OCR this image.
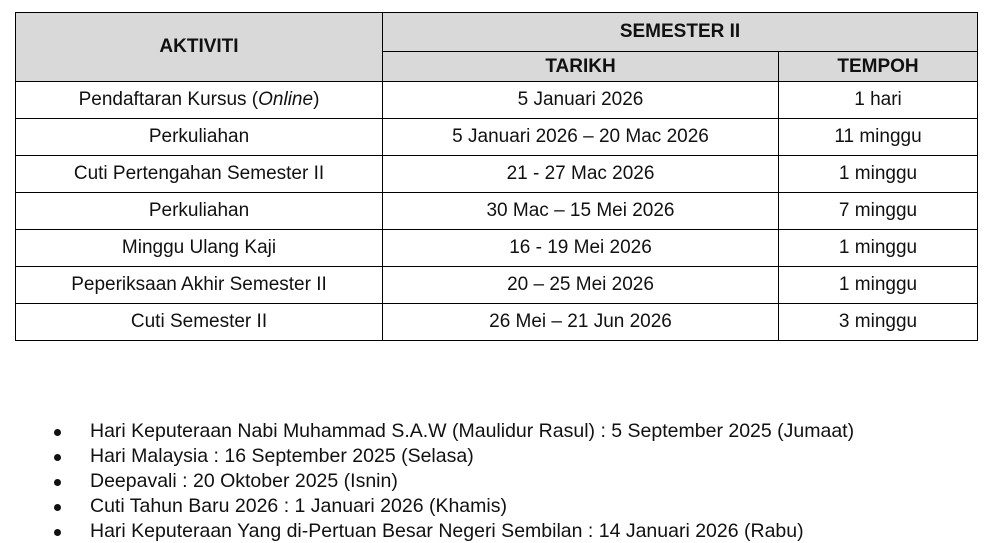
AKTIVITI	SEMESTER II	
	TARIKH	TEMPOH
Pendaftaran Kursus (Online)	5 Januari 2026	1 hari
Perkuliahan	5 Januari 2026 – 20 Mac 2026	11 minggu
Cuti Pertengahan Semester II	21 - 27 Mac 2026	1 minggu
Perkuliahan	30 Mac – 15 Mei 2026	7 minggu
Minggu Ulang Kaji	16 - 19 Mei 2026	1 minggu
Peperiksaan Akhir Semester II	20 – 25 Mei 2026	1 minggu
Cuti Semester II	26 Mei – 21 Jun 2026	3 minggu
Hari Keputeraan Nabi Muhammad S.A.W (Maulidur Rasul) : 5 September 2025 (Jumaat)
Hari Malaysia : 16 September 2025 (Selasa)
Deepavali : 20 Oktober 2025 (Isnin)
Cuti Tahun Baru 2026 : 1 Januari 2026 (Khamis)
Hari Keputeraan Yang di-Pertuan Besar Negeri Sembilan : 14 Januari 2026 (Rabu)
